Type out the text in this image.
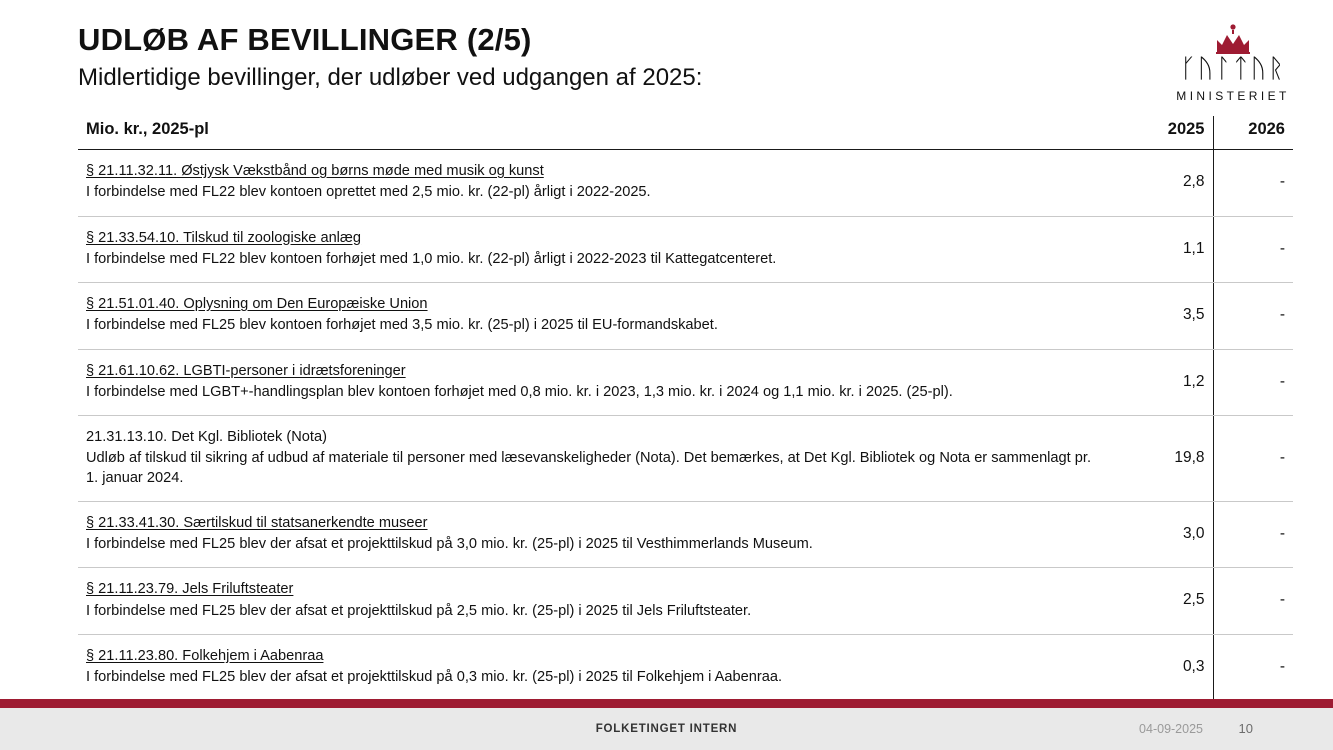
UDLØB AF BEVILLINGER (2/5)
Midlertidige bevillinger, der udløber ved udgangen af 2025:	ᚴᚢᛚᛏᚢᚱ
MINISTERIET
Mio. kr., 2025-pl	2025	2026

§ 21.11.32.11. Østjysk Vækstbånd og børns møde med musik og kunst
I forbindelse med FL22 blev kontoen oprettet med 2,5 mio. kr. (22-pl) årligt i 2022-2025.	2,8	-

§ 21.33.54.10. Tilskud til zoologiske anlæg
I forbindelse med FL22 blev kontoen forhøjet med 1,0 mio. kr. (22-pl) årligt i 2022-2023 til Kattegatcenteret.	1,1	-

§ 21.51.01.40. Oplysning om Den Europæiske Union
I forbindelse med FL25 blev kontoen forhøjet med 3,5 mio. kr. (25-pl) i 2025 til EU-formandskabet.	3,5	-

§ 21.61.10.62. LGBTI-personer i idrætsforeninger
I forbindelse med LGBT+-handlingsplan blev kontoen forhøjet med 0,8 mio. kr. i 2023, 1,3 mio. kr. i 2024 og 1,1 mio. kr. i 2025. (25-pl).	1,2	-

21.31.13.10. Det Kgl. Bibliotek (Nota)
Udløb af tilskud til sikring af udbud af materiale til personer med læsevanskeligheder (Nota). Det bemærkes, at Det Kgl. Bibliotek og Nota er sammenlagt pr. 1. januar 2024.	19,8	-

§ 21.33.41.30. Særtilskud til statsanerkendte museer
I forbindelse med FL25 blev der afsat et projekttilskud på 3,0 mio. kr. (25-pl) i 2025 til Vesthimmerlands Museum.	3,0	-

§ 21.11.23.79. Jels Friluftsteater
I forbindelse med FL25 blev der afsat et projekttilskud på 2,5 mio. kr. (25-pl) i 2025 til Jels Friluftsteater.	2,5	-

§ 21.11.23.80. Folkehjem i Aabenraa
I forbindelse med FL25 blev der afsat et projekttilskud på 0,3 mio. kr. (25-pl) i 2025 til Folkehjem i Aabenraa.	0,3	-
FOLKETINGET INTERN	04-09-2025	10
